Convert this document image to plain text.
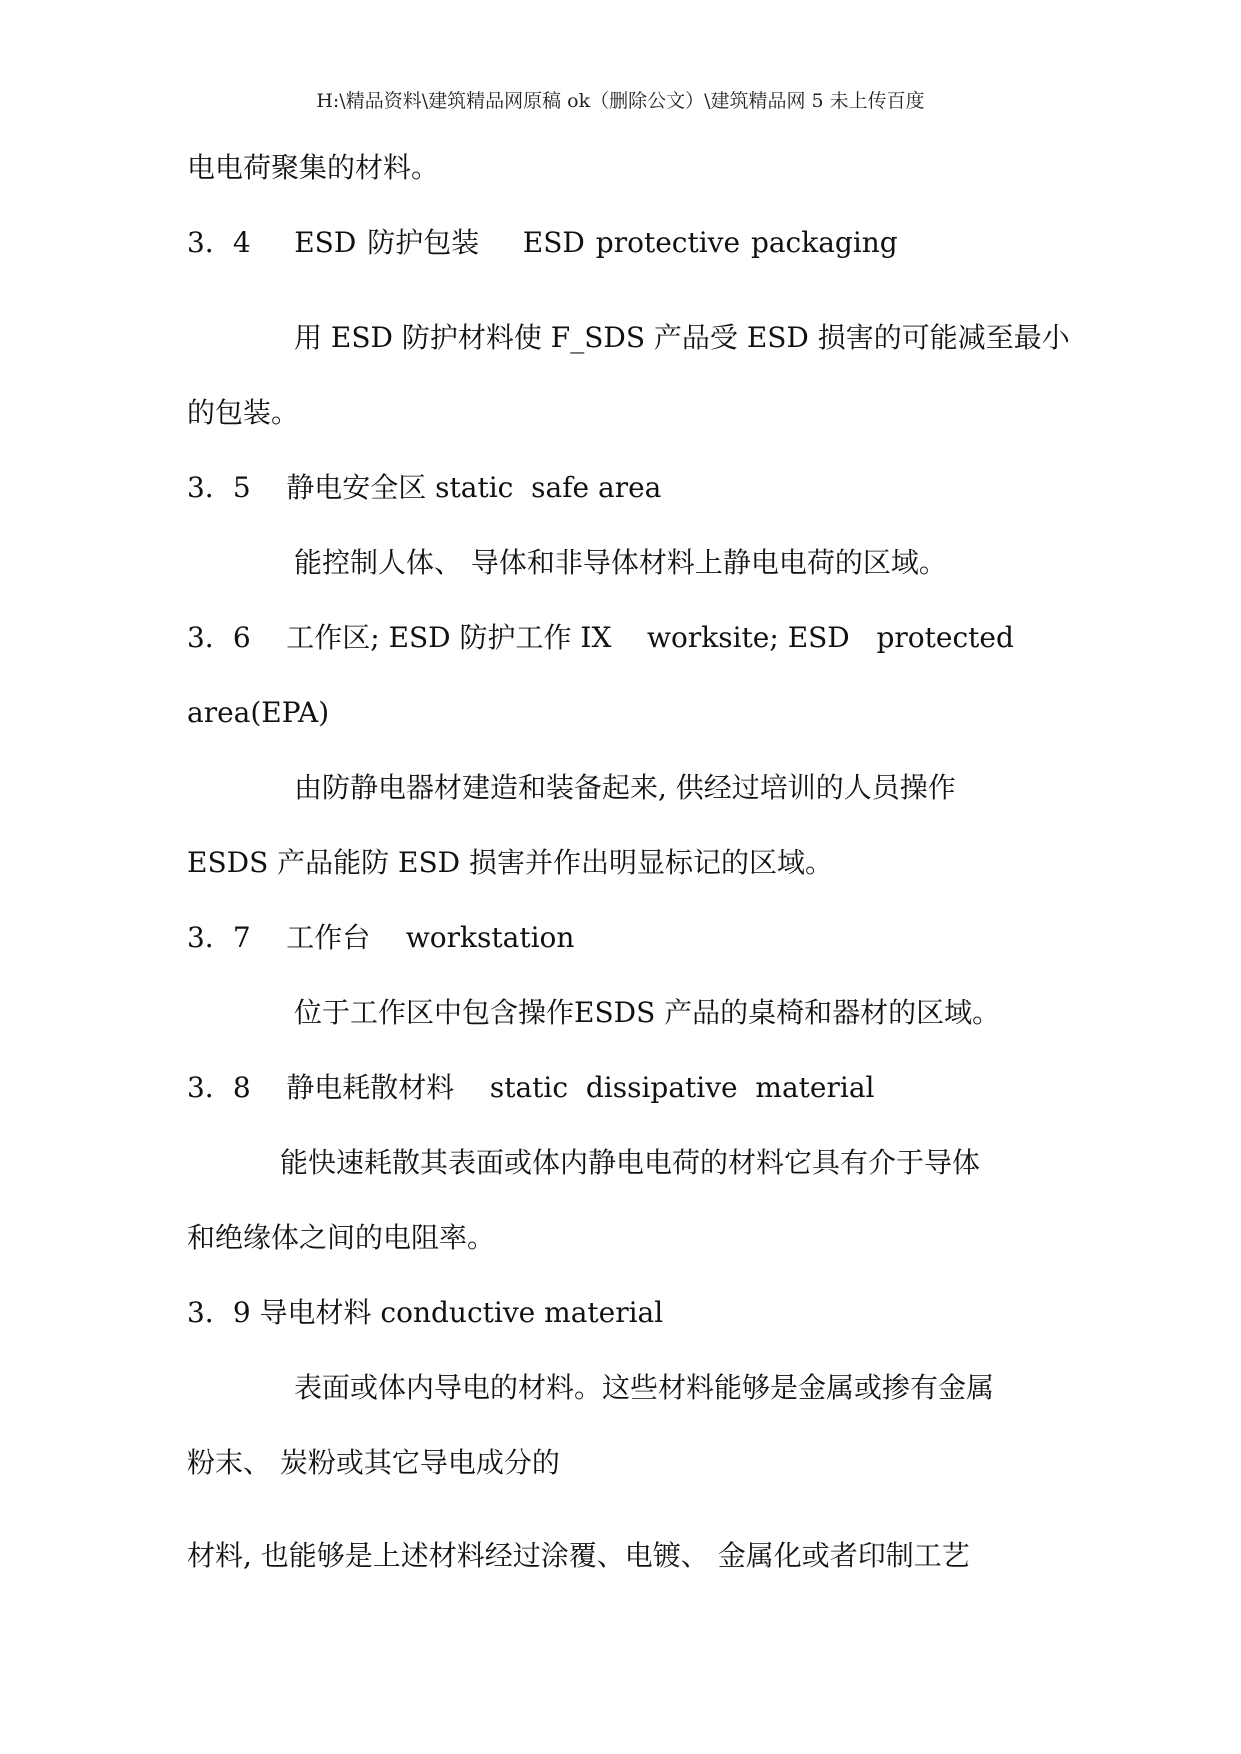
H:\精品资料\建筑精品网原稿 ok（删除公文）\建筑精品网 5 未上传百度
电电荷聚集的材料。
3．4    ESD 防护包装    ESD protective packaging
用 ESD 防护材料使 F_SDS 产品受 ESD 损害的可能减至最小
的包装。
3．5    静电安全区 static  safe area
能控制人体、 导体和非导体材料上静电电荷的区域。
3．6    工作区; ESD 防护工作 IX    worksite; ESD   protected
area(EPA)
由防静电器材建造和装备起来, 供经过培训的人员操作
ESDS 产品能防 ESD 损害并作出明显标记的区域。
3．7    工作台    workstation
位于工作区中包含操作ESDS 产品的桌椅和器材的区域。
3．8    静电耗散材料    static  dissipative  material
能快速耗散其表面或体内静电电荷的材料它具有介于导体
和绝缘体之间的电阻率。
3．9 导电材料 conductive material
表面或体内导电的材料。这些材料能够是金属或掺有金属
粉末、 炭粉或其它导电成分的
材料, 也能够是上述材料经过涂覆、电镀、 金属化或者印制工艺
